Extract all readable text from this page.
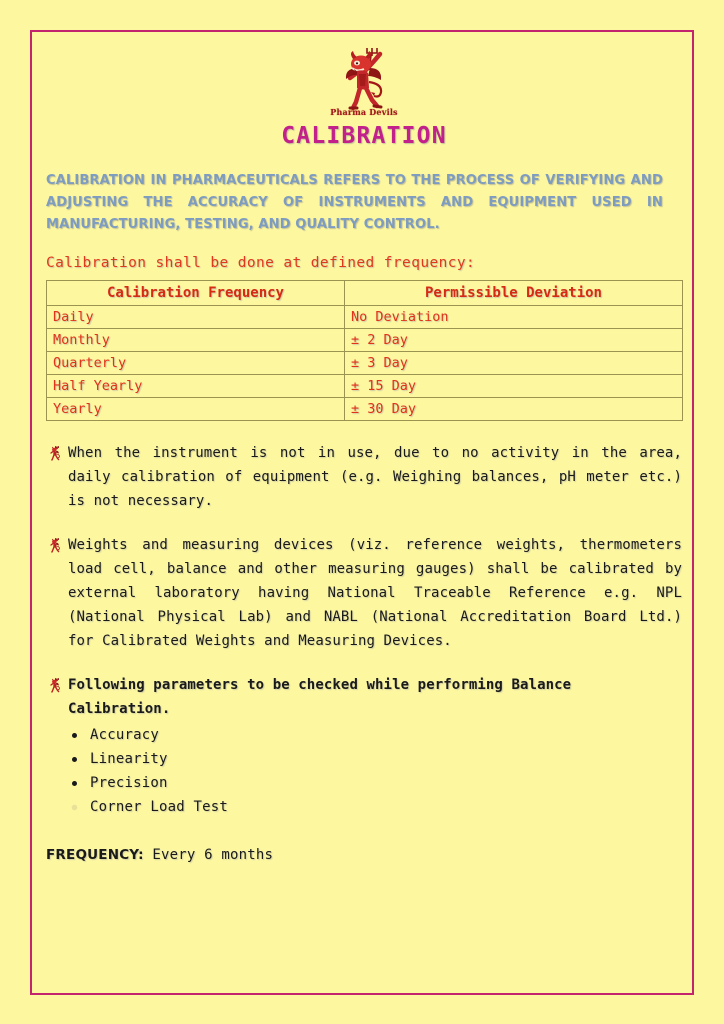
Pharma Devils
CALIBRATION
CALIBRATION IN PHARMACEUTICALS REFERS TO THE PROCESS OF VERIFYING AND ADJUSTING THE ACCURACY OF INSTRUMENTS AND EQUIPMENT USED IN MANUFACTURING, TESTING, AND QUALITY CONTROL.
Calibration shall be done at defined frequency:
Calibration Frequency	Permissible Deviation
Daily	No Deviation
Monthly	± 2 Day
Quarterly	± 3 Day
Half Yearly	± 15 Day
Yearly	± 30 Day
When the instrument is not in use, due to no activity in the area, daily calibration of equipment (e.g. Weighing balances, pH meter etc.) is not necessary.
Weights and measuring devices (viz. reference weights, thermometers load cell, balance and other measuring gauges) shall be calibrated by external laboratory having National Traceable Reference e.g. NPL (National Physical Lab) and NABL (National Accreditation Board Ltd.) for Calibrated Weights and Measuring Devices.
Following parameters to be checked while performing Balance Calibration.
Accuracy
Linearity
Precision
Corner Load Test
FREQUENCY: Every 6 months
